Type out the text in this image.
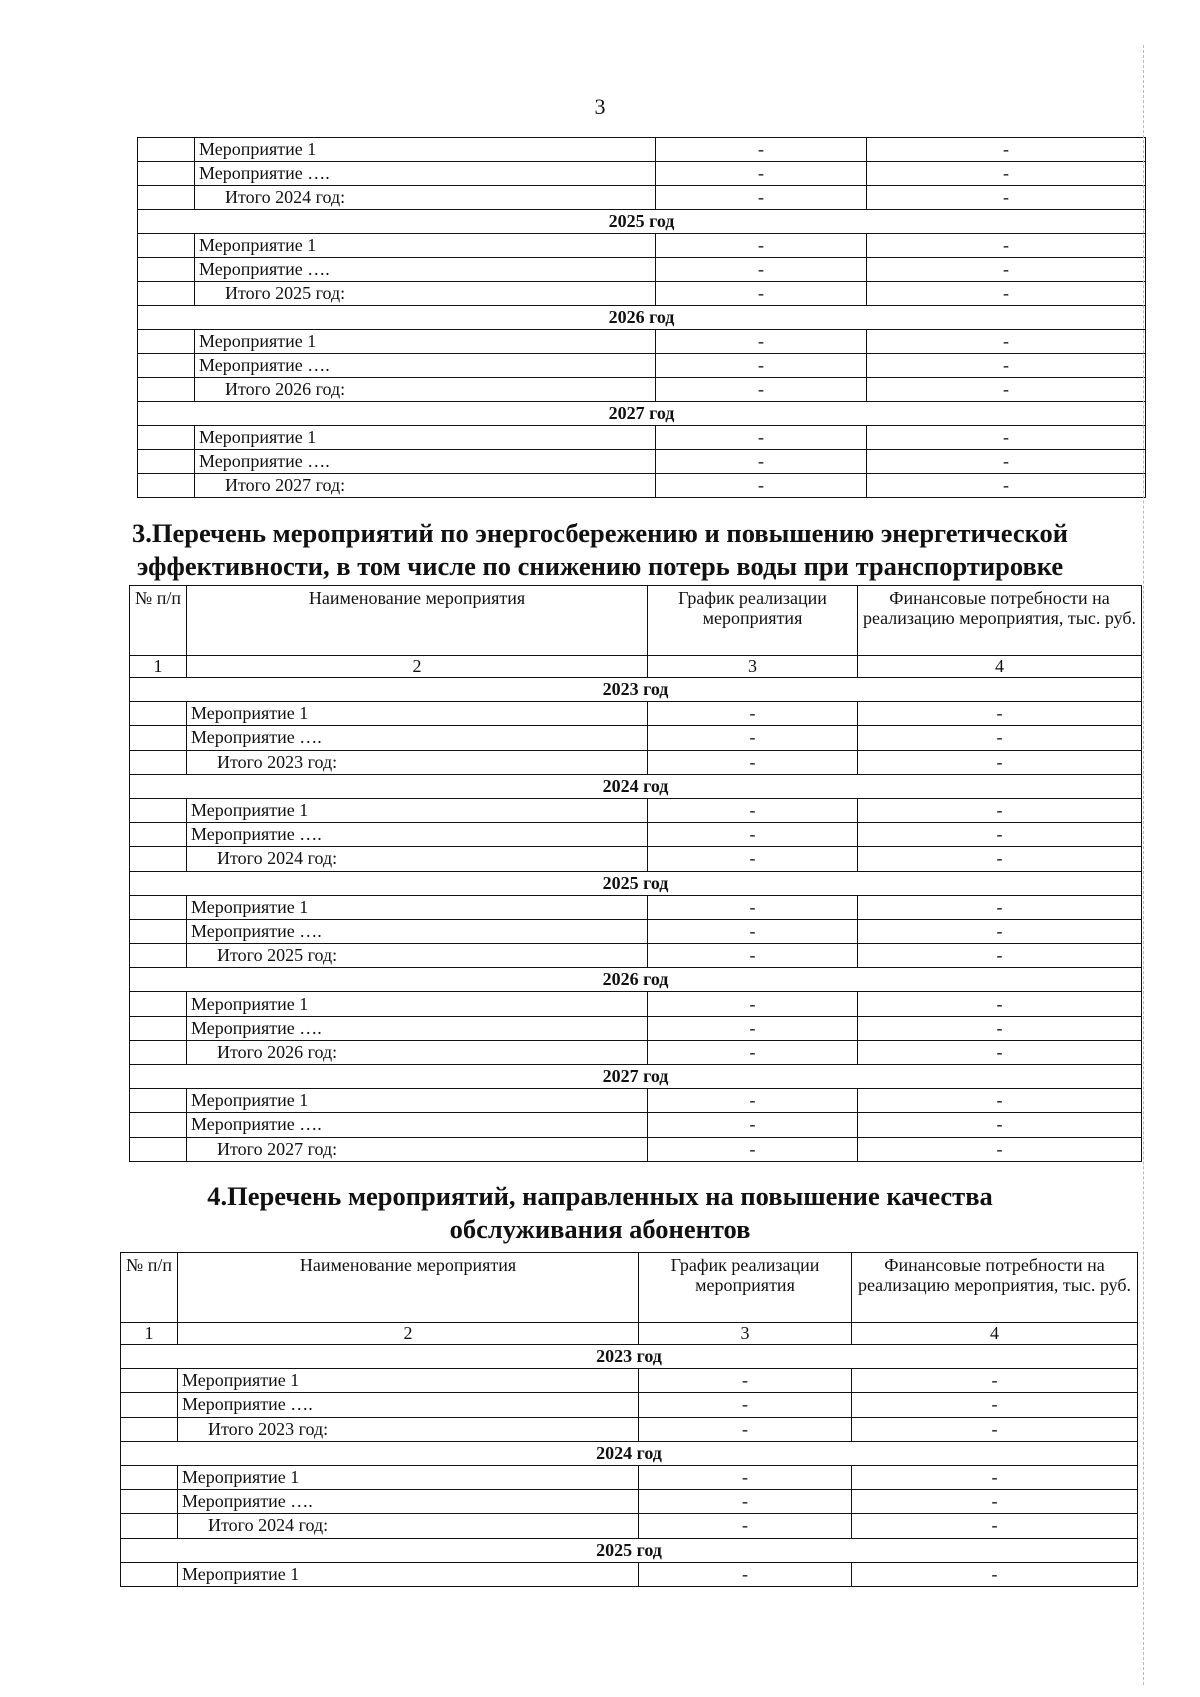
3
	Мероприятие 1	-	-
	Мероприятие ….	-	-
	Итого 2024 год:	-	-
2025 год			
	Мероприятие 1	-	-
	Мероприятие ….	-	-
	Итого 2025 год:	-	-
2026 год			
	Мероприятие 1	-	-
	Мероприятие ….	-	-
	Итого 2026 год:	-	-
2027 год			
	Мероприятие 1	-	-
	Мероприятие ….	-	-
	Итого 2027 год:	-	-
3.Перечень мероприятий по энергосбережению и повышению энергетической
эффективности, в том числе по снижению потерь воды при транспортировке
№ п/п	Наименование мероприятия	График реализации мероприятия	Финансовые потребности на реализацию мероприятия, тыс. руб.
1	2	3	4
2023 год			
	Мероприятие 1	-	-
	Мероприятие ….	-	-
	Итого 2023 год:	-	-
2024 год			
	Мероприятие 1	-	-
	Мероприятие ….	-	-
	Итого 2024 год:	-	-
2025 год			
	Мероприятие 1	-	-
	Мероприятие ….	-	-
	Итого 2025 год:	-	-
2026 год			
	Мероприятие 1	-	-
	Мероприятие ….	-	-
	Итого 2026 год:	-	-
2027 год			
	Мероприятие 1	-	-
	Мероприятие ….	-	-
	Итого 2027 год:	-	-
4.Перечень мероприятий, направленных на повышение качества
обслуживания абонентов
№ п/п	Наименование мероприятия	График реализации мероприятия	Финансовые потребности на реализацию мероприятия, тыс. руб.
1	2	3	4
2023 год			
	Мероприятие 1	-	-
	Мероприятие ….	-	-
	Итого 2023 год:	-	-
2024 год			
	Мероприятие 1	-	-
	Мероприятие ….	-	-
	Итого 2024 год:	-	-
2025 год			
	Мероприятие 1	-	-
